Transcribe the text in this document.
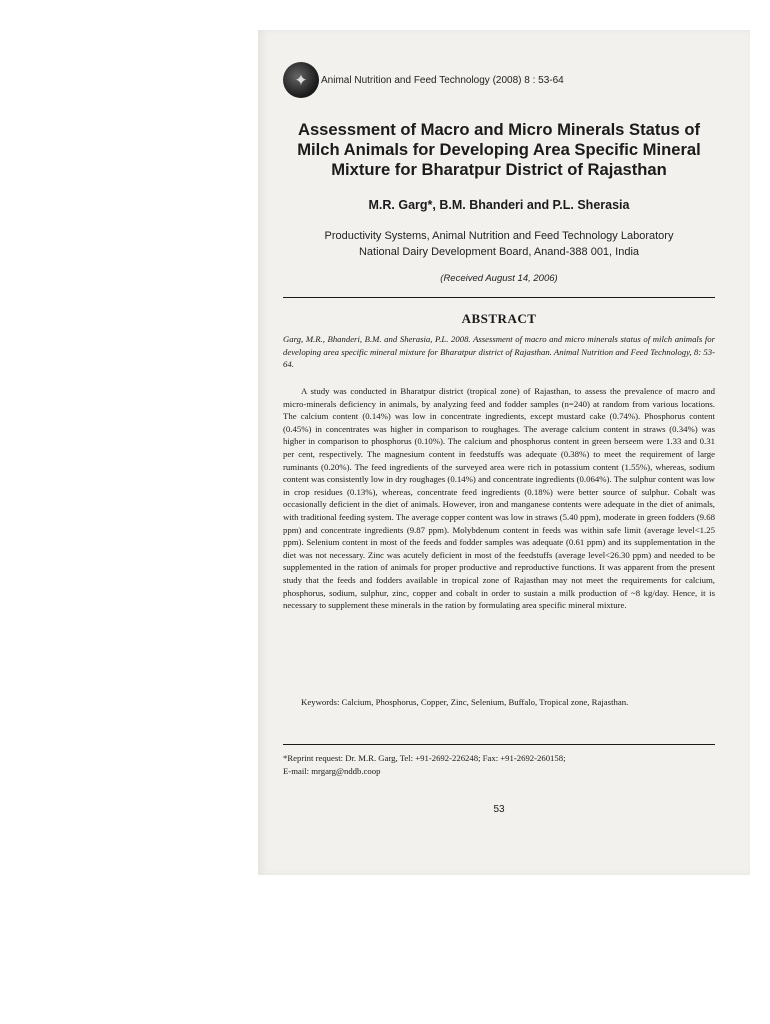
✦ Animal Nutrition and Feed Technology (2008) 8 : 53-64
Assessment of Macro and Micro Minerals Status of
Milch Animals for Developing Area Specific Mineral
Mixture for Bharatpur District of Rajasthan
M.R. Garg*, B.M. Bhanderi and P.L. Sherasia
Productivity Systems, Animal Nutrition and Feed Technology Laboratory
National Dairy Development Board, Anand-388 001, India
(Received August 14, 2006)
ABSTRACT

Garg, M.R., Bhanderi, B.M. and Sherasia, P.L. 2008. Assessment of macro and micro minerals status of milch animals for developing area specific mineral mixture for Bharatpur district of Rajasthan. Animal Nutrition and Feed Technology, 8: 53-64.

A study was conducted in Bharatpur district (tropical zone) of Rajasthan, to assess the prevalence of macro and micro-minerals deficiency in animals, by analyzing feed and fodder samples (n=240) at random from various locations. The calcium content (0.14%) was low in concentrate ingredients, except mustard cake (0.74%). Phosphorus content (0.45%) in concentrates was higher in comparison to roughages. The average calcium content in straws (0.34%) was higher in comparison to phosphorus (0.10%). The calcium and phosphorus content in green berseem were 1.33 and 0.31 per cent, respectively. The magnesium content in feedstuffs was adequate (0.38%) to meet the requirement of large ruminants (0.20%). The feed ingredients of the surveyed area were rich in potassium content (1.55%), whereas, sodium content was consistently low in dry roughages (0.14%) and concentrate ingredients (0.064%). The sulphur content was low in crop residues (0.13%), whereas, concentrate feed ingredients (0.18%) were better source of sulphur. Cobalt was occasionally deficient in the diet of animals. However, iron and manganese contents were adequate in the diet of animals, with traditional feeding system. The average copper content was low in straws (5.40 ppm), moderate in green fodders (9.68 ppm) and concentrate ingredients (9.87 ppm). Molybdenum content in feeds was within safe limit (average level<1.25 ppm). Selenium content in most of the feeds and fodder samples was adequate (0.61 ppm) and its supplementation in the diet was not necessary. Zinc was acutely deficient in most of the feedstuffs (average level<26.30 ppm) and needed to be supplemented in the ration of animals for proper productive and reproductive functions. It was apparent from the present study that the feeds and fodders available in tropical zone of Rajasthan may not meet the requirements for calcium, phosphorus, sodium, sulphur, zinc, copper and cobalt in order to sustain a milk production of ~8 kg/day. Hence, it is necessary to supplement these minerals in the ration by formulating area specific mineral mixture.

Keywords: Calcium, Phosphorus, Copper, Zinc, Selenium, Buffalo, Tropical zone, Rajasthan.

*Reprint request: Dr. M.R. Garg, Tel: +91-2692-226248; Fax: +91-2692-260158;
E-mail: mrgarg@nddb.coop

53
